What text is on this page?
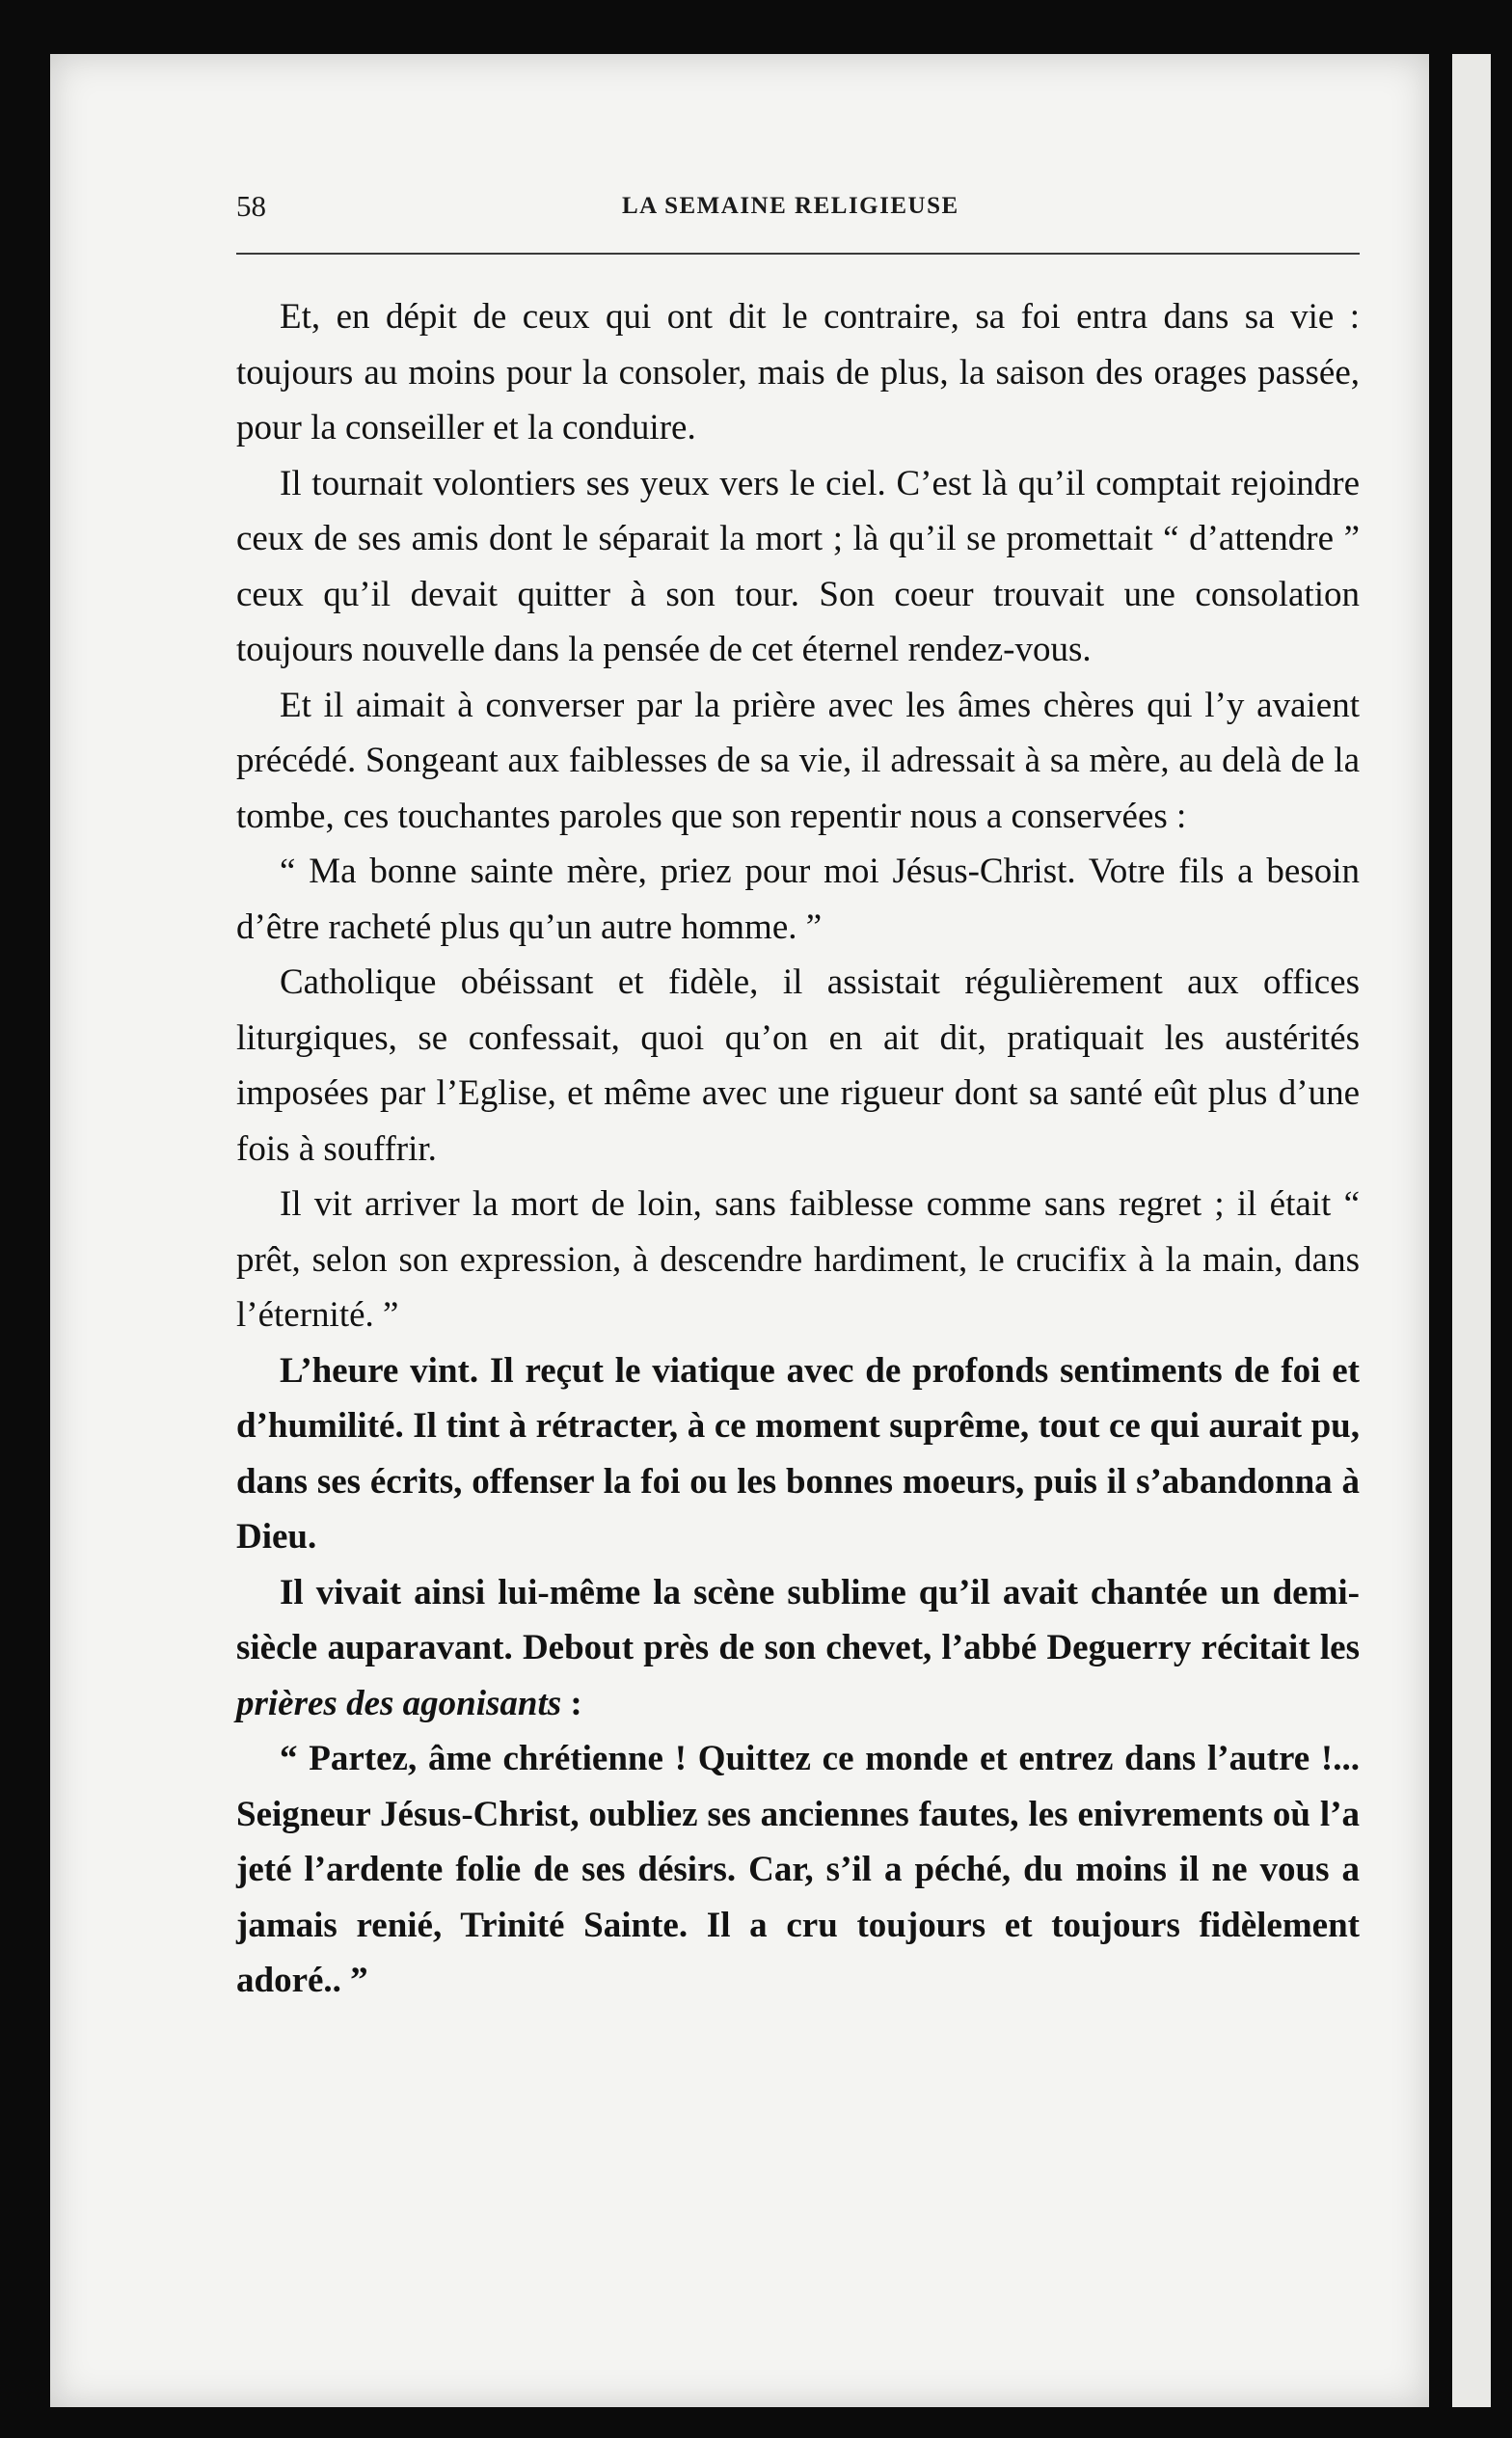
58	LA SEMAINE RELIGIEUSE

Et, en dépit de ceux qui ont dit le contraire, sa foi entra dans sa vie : toujours au moins pour la consoler, mais de plus, la saison des orages passée, pour la conseiller et la conduire.

Il tournait volontiers ses yeux vers le ciel. C’est là qu’il comptait rejoindre ceux de ses amis dont le séparait la mort ; là qu’il se promettait “ d’attendre ” ceux qu’il devait quitter à son tour. Son coeur trouvait une consolation toujours nouvelle dans la pensée de cet éternel rendez-vous.

Et il aimait à converser par la prière avec les âmes chères qui l’y avaient précédé. Songeant aux faiblesses de sa vie, il adressait à sa mère, au delà de la tombe, ces touchantes paroles que son repentir nous a conservées :

“ Ma bonne sainte mère, priez pour moi Jésus-Christ. Votre fils a besoin d’être racheté plus qu’un autre homme. ”

Catholique obéissant et fidèle, il assistait régulièrement aux offices liturgiques, se confessait, quoi qu’on en ait dit, pratiquait les austérités imposées par l’Eglise, et même avec une rigueur dont sa santé eût plus d’une fois à souffrir.

Il vit arriver la mort de loin, sans faiblesse comme sans regret ; il était “ prêt, selon son expression, à descendre hardiment, le crucifix à la main, dans l’éternité. ”

L’heure vint. Il reçut le viatique avec de profonds sentiments de foi et d’humilité. Il tint à rétracter, à ce moment suprême, tout ce qui aurait pu, dans ses écrits, offenser la foi ou les bonnes moeurs, puis il s’abandonna à Dieu.

Il vivait ainsi lui-même la scène sublime qu’il avait chantée un demi-siècle auparavant. Debout près de son chevet, l’abbé Deguerry récitait les prières des agonisants :

“ Partez, âme chrétienne ! Quittez ce monde et entrez dans l’autre !... Seigneur Jésus-Christ, oubliez ses anciennes fautes, les enivrements où l’a jeté l’ardente folie de ses désirs. Car, s’il a péché, du moins il ne vous a jamais renié, Trinité Sainte. Il a cru toujours et toujours fidèlement adoré.. ”
